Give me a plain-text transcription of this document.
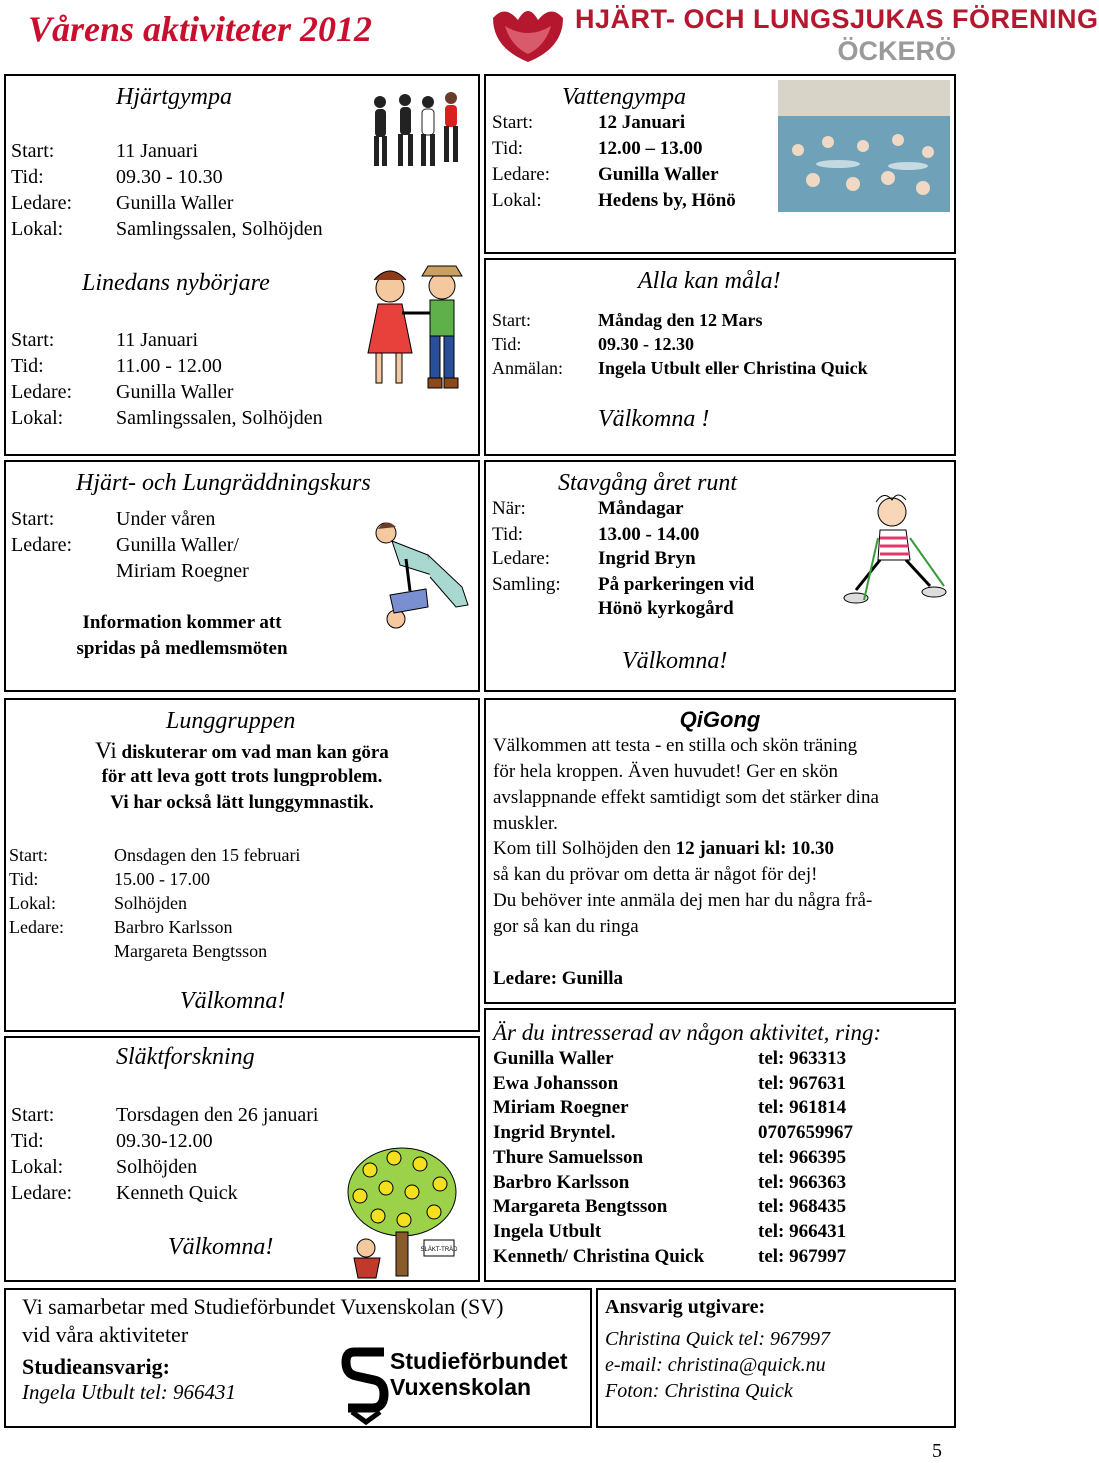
Vårens aktiviteter 2012	HJÄRT- OCH LUNGSJUKAS FÖRENING
ÖCKERÖ
Hjärtgympa
Start:	11 Januari
Tid:	09.30 - 10.30
Ledare: Gunilla Waller
Lokal:	Samlingssalen, Solhöjden
Linedans nybörjare
Start:	11 Januari
Tid:	11.00 - 12.00
Ledare: Gunilla Waller
Lokal:	Samlingssalen, Solhöjden
Vattengympa
Start:	12 Januari
Tid:	12.00 – 13.00
Ledare:	Gunilla Waller
Lokal:	Hedens by, Hönö
Alla kan måla!
Start:	Måndag den 12 Mars
Tid:	09.30 - 12.30
Anmälan: Ingela Utbult eller Christina Quick
Välkomna !
Hjärt- och Lungräddningskurs
Start:	Under våren
Ledare: Gunilla Waller/
Miriam Roegner
Information kommer att
spridas på medlemsmöten
Stavgång året runt
När:	Måndagar
Tid:	13.00 - 14.00
Ledare:	Ingrid Bryn
Samling: På parkeringen vid
Hönö kyrkogård
Välkomna!
Lunggruppen
Vi diskuterar om vad man kan göra
för att leva gott trots lungproblem.
Vi har också lätt lunggymnastik.
Start:	Onsdagen den 15 februari
Tid:	15.00 - 17.00
Lokal:	Solhöjden
Ledare:	Barbro Karlsson
Margareta Bengtsson
Välkomna!
QiGong
Välkommen att testa - en stilla och skön träning
för hela kroppen. Även huvudet! Ger en skön
avslappnande effekt samtidigt som det stärker dina
muskler.
Kom till Solhöjden den 12 januari kl: 10.30
så kan du prövar om detta är något för dej!
Du behöver inte anmäla dej men har du några frå-
gor så kan du ringa
Ledare: Gunilla
Släktforskning
Start:	Torsdagen den 26 januari
Tid:	09.30-12.00
Lokal:	Solhöjden
Ledare: Kenneth Quick
Välkomna!	SLÄKT-TRÄD
Är du intresserad av någon aktivitet, ring:
Gunilla Waller	tel: 963313
Ewa Johansson	tel: 967631
Miriam Roegner	tel: 961814
Ingrid Bryntel.	0707659967
Thure Samuelsson	tel: 966395
Barbro Karlsson	tel: 966363
Margareta Bengtsson	tel: 968435
Ingela Utbult	tel: 966431
Kenneth/ Christina Quick	tel: 967997
Vi samarbetar med Studieförbundet Vuxenskolan (SV)
vid våra aktiviteter
Studieansvarig:
Ingela Utbult tel: 966431
Studieförbundet
Vuxenskolan
Ansvarig utgivare:
Christina Quick tel: 967997
e-mail: christina@quick.nu
Foton: Christina Quick
5
